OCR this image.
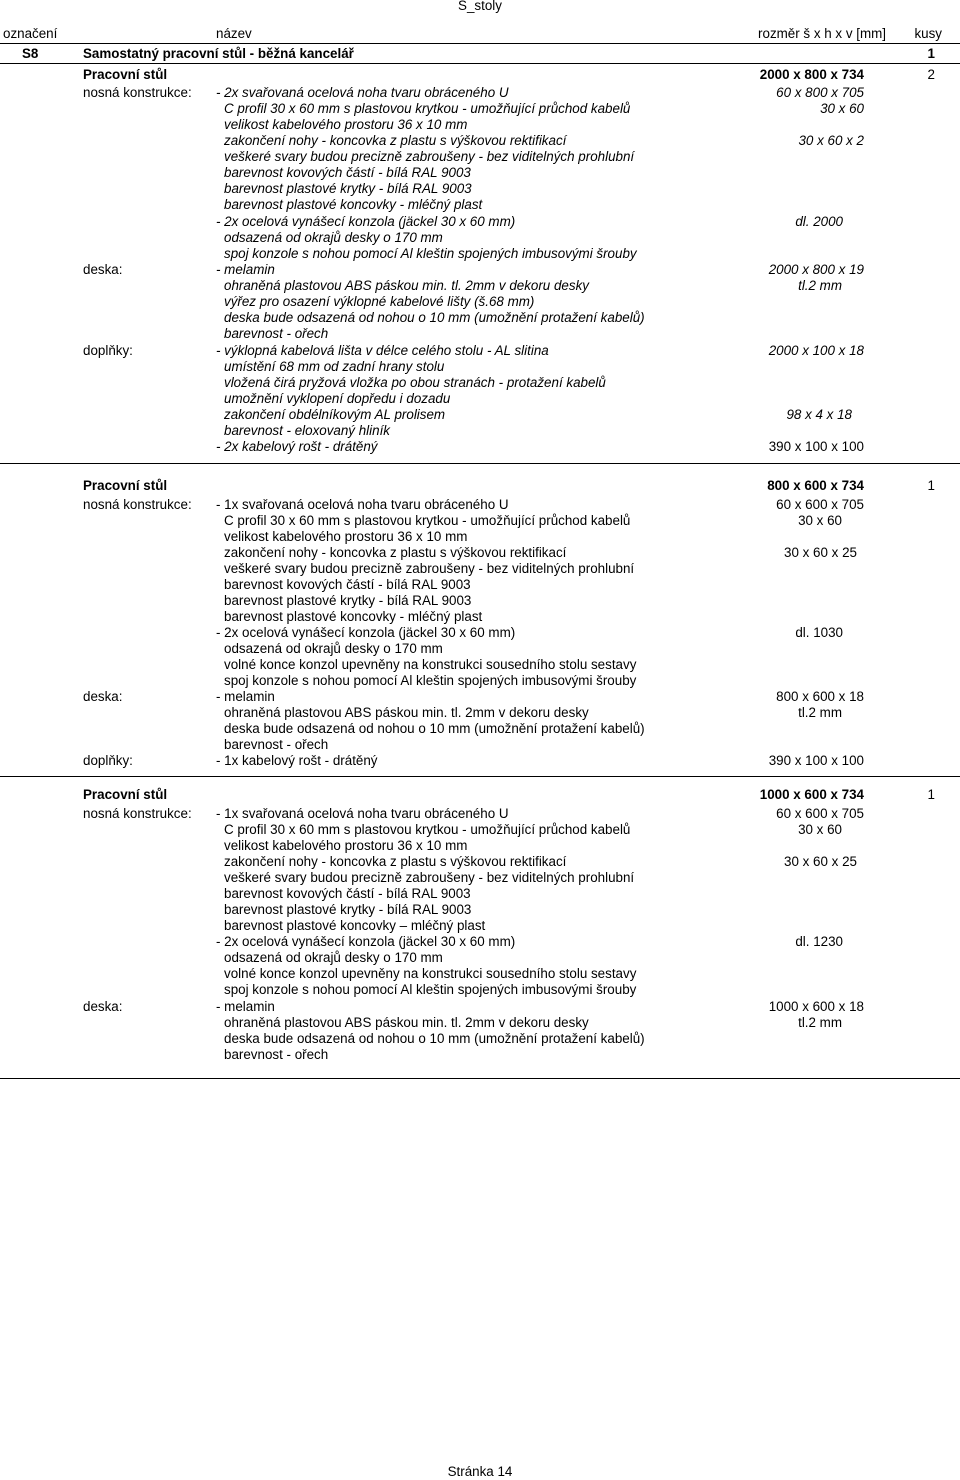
S_stoly
označení	název	rozměr š x h x v [mm] kusy
S8	Samostatný pracovní stůl - běžná kancelář	1
Pracovní stůl	2000 x 800 x 734	2
nosná konstrukce: - 2x svařovaná ocelová noha tvaru obráceného U	60 x 800 x 705
C profil 30 x 60 mm s plastovou krytkou - umožňující průchod kabelů	30 x 60
velikost kabelového prostoru 36 x 10 mm
zakončení nohy - koncovka z plastu s výškovou rektifikací	30 x 60 x 2
veškeré svary budou precizně zabroušeny - bez viditelných prohlubní
barevnost kovových částí - bílá RAL 9003
barevnost plastové krytky - bílá RAL 9003
barevnost plastové koncovky - mléčný plast
- 2x ocelová vynášecí konzola (jäckel 30 x 60 mm)	dl. 2000
odsazená od okrajů desky o 170 mm
spoj konzole s nohou pomocí Al kleštin spojených imbusovými šrouby
deska:	- melamin	2000 x 800 x 19
ohraněná plastovou ABS páskou min. tl. 2mm v dekoru desky	tl.2 mm
výřez pro osazení výklopné kabelové lišty (š.68 mm)
deska bude odsazená od nohou o 10 mm (umožnění protažení kabelů)
barevnost - ořech
doplňky:	- výklopná kabelová lišta v délce celého stolu - AL slitina	2000 x 100 x 18
umístění 68 mm od zadní hrany stolu
vložená čirá pryžová vložka po obou stranách - protažení kabelů
umožnění vyklopení dopředu i dozadu
zakončení obdélníkovým AL prolisem	98 x 4 x 18
barevnost - eloxovaný hliník
- 2x kabelový rošt - drátěný	390 x 100 x 100
Pracovní stůl	800 x 600 x 734	1
nosná konstrukce: - 1x svařovaná ocelová noha tvaru obráceného U	60 x 600 x 705
C profil 30 x 60 mm s plastovou krytkou - umožňující průchod kabelů	30 x 60
velikost kabelového prostoru 36 x 10 mm
zakončení nohy - koncovka z plastu s výškovou rektifikací	30 x 60 x 25
veškeré svary budou precizně zabroušeny - bez viditelných prohlubní
barevnost kovových částí - bílá RAL 9003
barevnost plastové krytky - bílá RAL 9003
barevnost plastové koncovky - mléčný plast
- 2x ocelová vynášecí konzola (jäckel 30 x 60 mm)	dl. 1030
odsazená od okrajů desky o 170 mm
volné konce konzol upevněny na konstrukci sousedního stolu sestavy
spoj konzole s nohou pomocí Al kleštin spojených imbusovými šrouby
deska:	- melamin	800 x 600 x 18
ohraněná plastovou ABS páskou min. tl. 2mm v dekoru desky	tl.2 mm
deska bude odsazená od nohou o 10 mm (umožnění protažení kabelů)
barevnost - ořech
doplňky:	- 1x kabelový rošt - drátěný	390 x 100 x 100
Pracovní stůl	1000 x 600 x 734	1
nosná konstrukce: - 1x svařovaná ocelová noha tvaru obráceného U	60 x 600 x 705
C profil 30 x 60 mm s plastovou krytkou - umožňující průchod kabelů	30 x 60
velikost kabelového prostoru 36 x 10 mm
zakončení nohy - koncovka z plastu s výškovou rektifikací	30 x 60 x 25
veškeré svary budou precizně zabroušeny - bez viditelných prohlubní
barevnost kovových částí - bílá RAL 9003
barevnost plastové krytky - bílá RAL 9003
barevnost plastové koncovky – mléčný plast
- 2x ocelová vynášecí konzola (jäckel 30 x 60 mm)	dl. 1230
odsazená od okrajů desky o 170 mm
volné konce konzol upevněny na konstrukci sousedního stolu sestavy
spoj konzole s nohou pomocí Al kleštin spojených imbusovými šrouby
deska:	- melamin	1000 x 600 x 18
ohraněná plastovou ABS páskou min. tl. 2mm v dekoru desky	tl.2 mm
deska bude odsazená od nohou o 10 mm (umožnění protažení kabelů)
barevnost - ořech
Stránka 14
